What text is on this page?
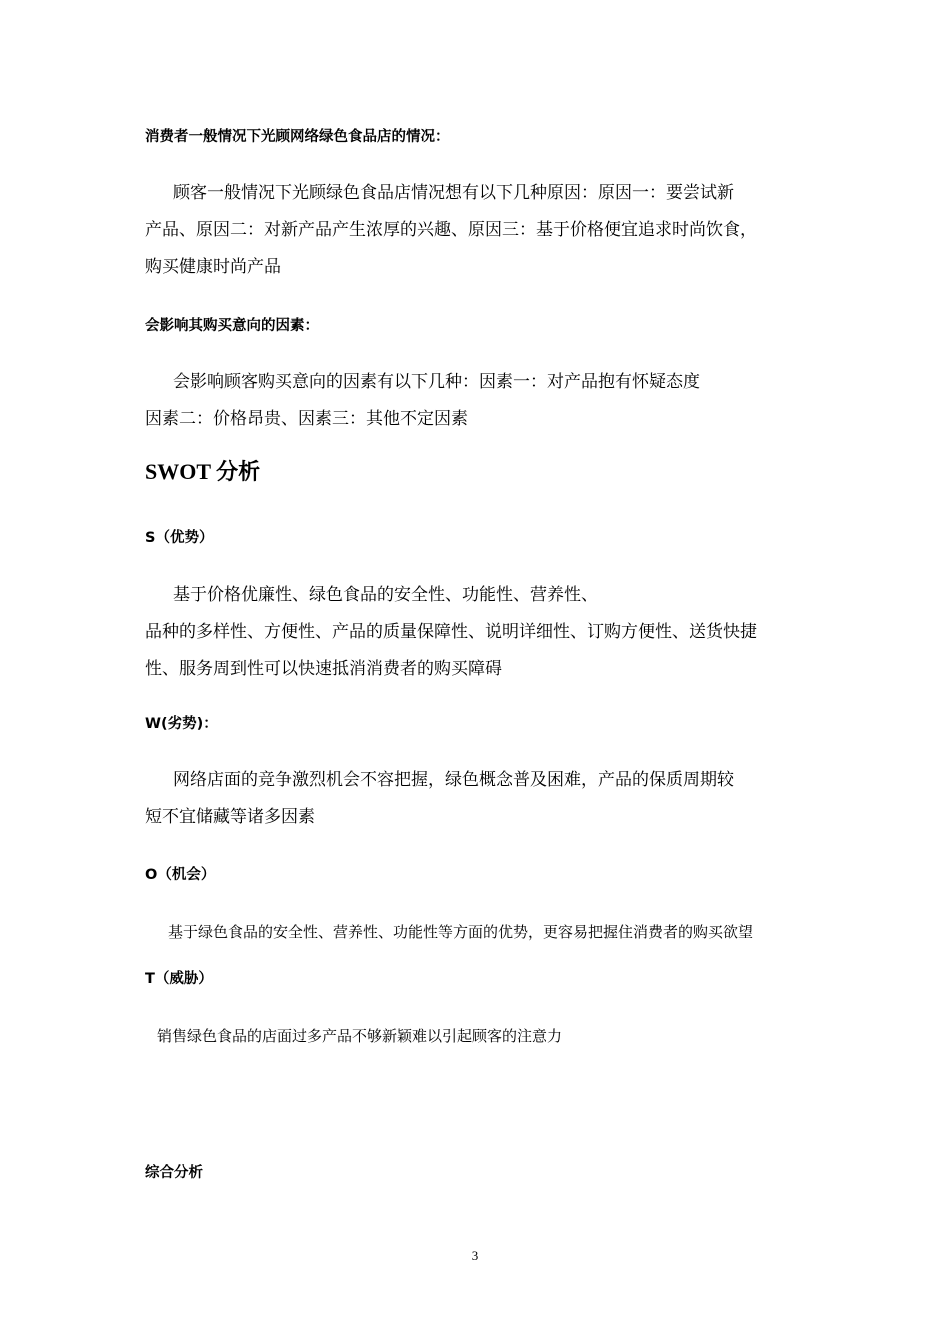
消费者一般情况下光顾网络绿色食品店的情况：
顾客一般情况下光顾绿色食品店情况想有以下几种原因：原因一：要尝试新
产品、原因二：对新产品产生浓厚的兴趣、原因三：基于价格便宜追求时尚饮食，
购买健康时尚产品
会影响其购买意向的因素：
会影响顾客购买意向的因素有以下几种：因素一：对产品抱有怀疑态度
因素二：价格昂贵、因素三：其他不定因素
SWOT 分析
S（优势）
基于价格优廉性、绿色食品的安全性、功能性、营养性、
品种的多样性、方便性、产品的质量保障性、说明详细性、订购方便性、送货快捷
性、服务周到性可以快速抵消消费者的购买障碍
W(劣势)：
网络店面的竞争激烈机会不容把握，绿色概念普及困难，产品的保质周期较
短不宜储藏等诸多因素
O（机会）
基于绿色食品的安全性、营养性、功能性等方面的优势，更容易把握住消费者的购买欲望
T（威胁）
销售绿色食品的店面过多产品不够新颖难以引起顾客的注意力
综合分析
3
